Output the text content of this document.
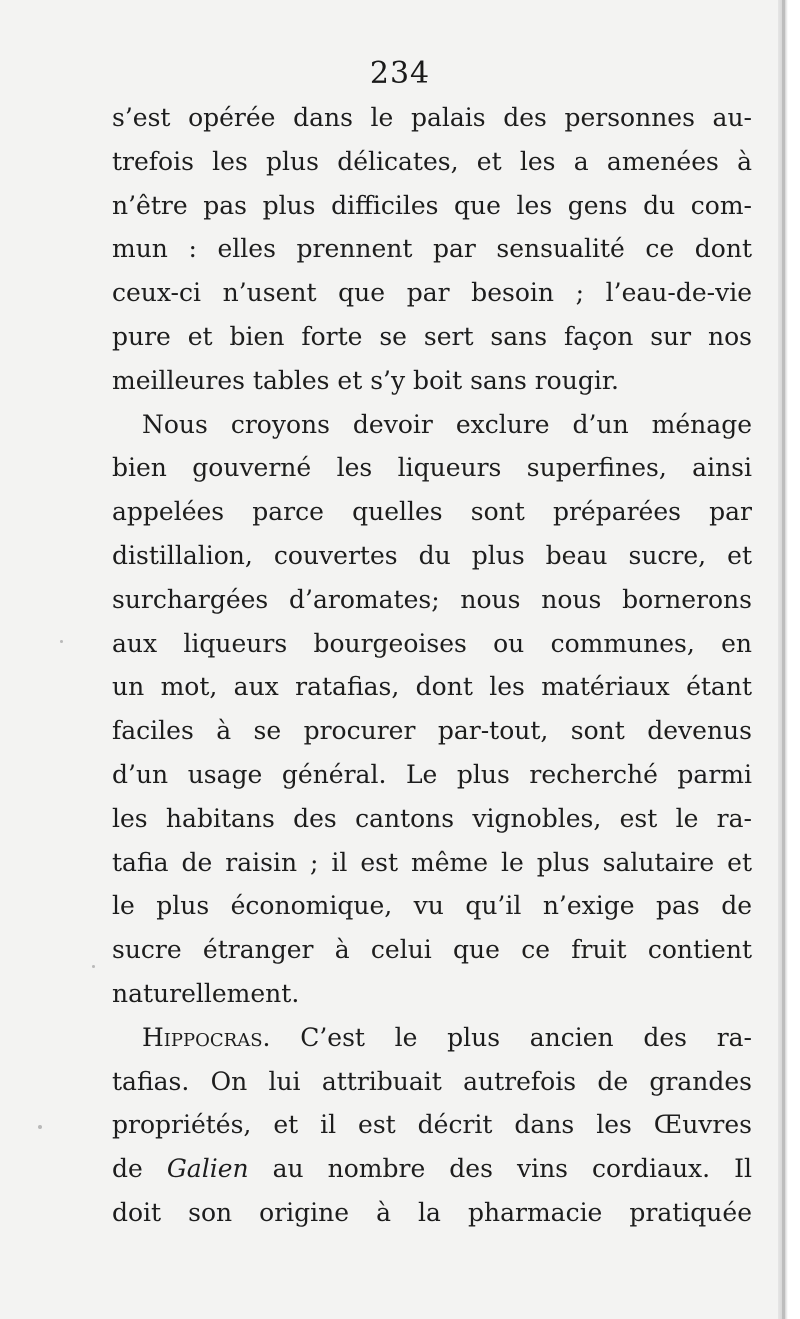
234
s’est opérée dans le palais des personnes au-
trefois les plus délicates, et les a amenées à
n’être pas plus difficiles que les gens du com-
mun : elles prennent par sensualité ce dont
ceux-ci n’usent que par besoin ; l’eau-de-vie
pure et bien forte se sert sans façon sur nos
meilleures tables et s’y boit sans rougir.
Nous croyons devoir exclure d’un ménage
bien gouverné les liqueurs superfines, ainsi
appelées parce quelles sont préparées par
distillalion, couvertes du plus beau sucre, et
surchargées d’aromates; nous nous bornerons
aux liqueurs bourgeoises ou communes, en
un mot, aux ratafias, dont les matériaux étant
faciles à se procurer par-tout, sont devenus
d’un usage général. Le plus recherché parmi
les habitans des cantons vignobles, est le ra-
tafia de raisin ; il est même le plus salutaire et
le plus économique, vu qu’il n’exige pas de
sucre étranger à celui que ce fruit contient
naturellement.
Hippocras. C’est le plus ancien des ra-
tafias. On lui attribuait autrefois de grandes
propriétés, et il est décrit dans les Œuvres
de Galien au nombre des vins cordiaux. Il
doit son origine à la pharmacie pratiquée
